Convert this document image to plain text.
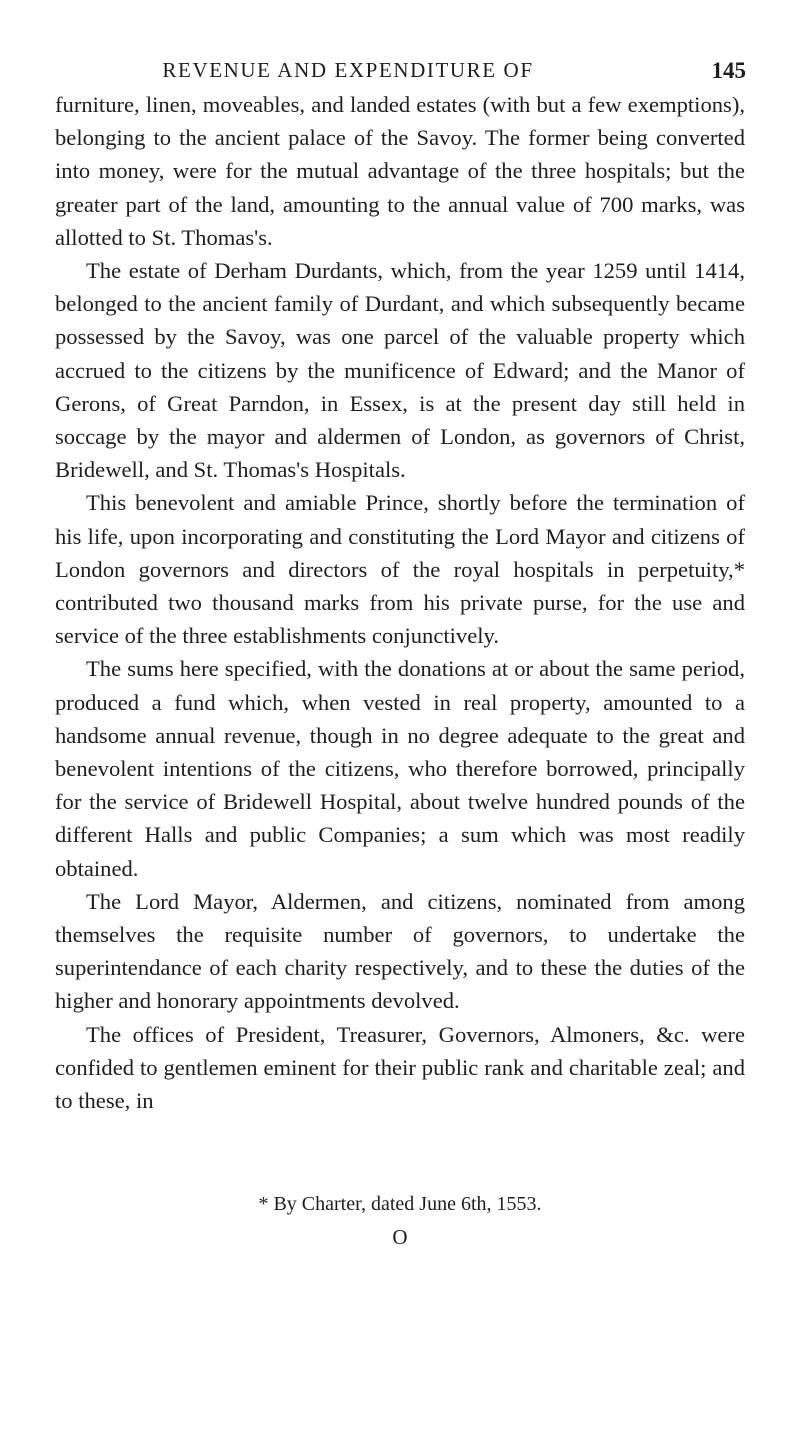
REVENUE AND EXPENDITURE OF	145

furniture, linen, moveables, and landed estates (with but a few exemptions), belonging to the ancient palace of the Savoy. The former being converted into money, were for the mutual advantage of the three hospitals; but the greater part of the land, amounting to the annual value of 700 marks, was allotted to St. Thomas's.

The estate of Derham Durdants, which, from the year 1259 until 1414, belonged to the ancient family of Durdant, and which subsequently became possessed by the Savoy, was one parcel of the valuable property which accrued to the citizens by the munificence of Edward; and the Manor of Gerons, of Great Parndon, in Essex, is at the present day still held in soccage by the mayor and aldermen of London, as governors of Christ, Bridewell, and St. Thomas's Hospitals.

This benevolent and amiable Prince, shortly before the termination of his life, upon incorporating and constituting the Lord Mayor and citizens of London governors and directors of the royal hospitals in perpetuity,* contributed two thousand marks from his private purse, for the use and service of the three establishments conjunctively.

The sums here specified, with the donations at or about the same period, produced a fund which, when vested in real property, amounted to a handsome annual revenue, though in no degree adequate to the great and benevolent intentions of the citizens, who therefore borrowed, principally for the service of Bridewell Hospital, about twelve hundred pounds of the different Halls and public Companies; a sum which was most readily obtained.

The Lord Mayor, Aldermen, and citizens, nominated from among themselves the requisite number of governors, to undertake the superintendance of each charity respectively, and to these the duties of the higher and honorary appointments devolved.

The offices of President, Treasurer, Governors, Almoners, &c. were confided to gentlemen eminent for their public rank and charitable zeal; and to these, in

* By Charter, dated June 6th, 1553.
O
